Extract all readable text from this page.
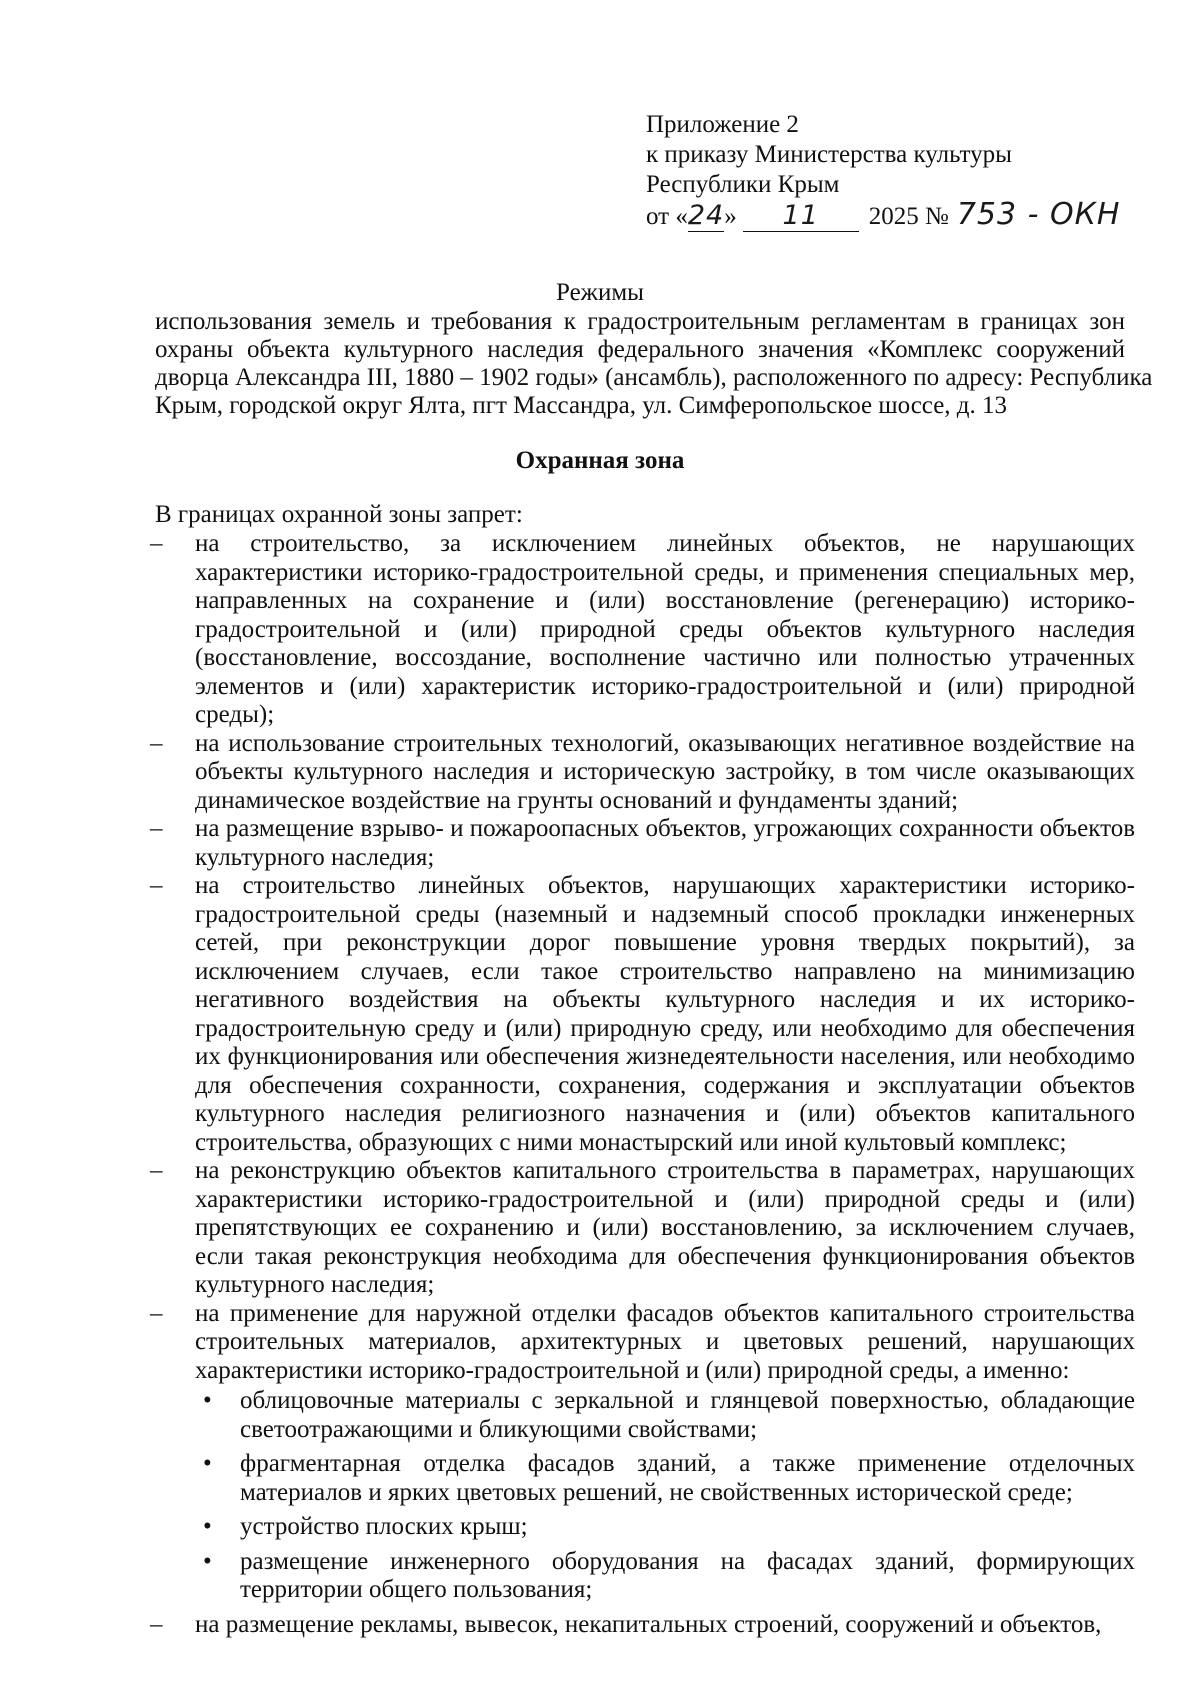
Приложение 2
к приказу Министерства культуры
Республики Крым
от «24» 11 2025 № 753 - ОКН
Режимы
использования земель и требования к градостроительным регламентам в границах зон
охраны объекта культурного наследия федерального значения «Комплекс сооружений
дворца Александра III, 1880 – 1902 годы» (ансамбль), расположенного по адресу: Республика
Крым, городской округ Ялта, пгт Массандра, ул. Симферопольское шоссе, д. 13
Охранная зона
В границах охранной зоны запрет:
–	на строительство, за исключением линейных объектов, не нарушающих характеристики историко-градостроительной среды, и применения специальных мер, направленных на сохранение и (или) восстановление (регенерацию) историко-градостроительной и (или) природной среды объектов культурного наследия (восстановление, воссоздание, восполнение частично или полностью утраченных элементов и (или) характеристик историко-градостроительной и (или) природной среды);
–	на использование строительных технологий, оказывающих негативное воздействие на объекты культурного наследия и историческую застройку, в том числе оказывающих динамическое воздействие на грунты оснований и фундаменты зданий;
–	на размещение взрыво- и пожароопасных объектов, угрожающих сохранности объектов культурного наследия;
–	на строительство линейных объектов, нарушающих характеристики историко-градостроительной среды (наземный и надземный способ прокладки инженерных сетей, при реконструкции дорог повышение уровня твердых покрытий), за исключением случаев, если такое строительство направлено на минимизацию негативного воздействия на объекты культурного наследия и их историко-градостроительную среду и (или) природную среду, или необходимо для обеспечения их функционирования или обеспечения жизнедеятельности населения, или необходимо для обеспечения сохранности, сохранения, содержания и эксплуатации объектов культурного наследия религиозного назначения и (или) объектов капитального строительства, образующих с ними монастырский или иной культовый комплекс;
–	на реконструкцию объектов капитального строительства в параметрах, нарушающих характеристики историко-градостроительной и (или) природной среды и (или) препятствующих ее сохранению и (или) восстановлению, за исключением случаев, если такая реконструкция необходима для обеспечения функционирования объектов культурного наследия;
–	на применение для наружной отделки фасадов объектов капитального строительства строительных материалов, архитектурных и цветовых решений, нарушающих характеристики историко-градостроительной и (или) природной среды, а именно:
•	облицовочные материалы с зеркальной и глянцевой поверхностью, обладающие светоотражающими и бликующими свойствами;
•	фрагментарная отделка фасадов зданий, а также применение отделочных материалов и ярких цветовых решений, не свойственных исторической среде;
•	устройство плоских крыш;
•	размещение инженерного оборудования на фасадах зданий, формирующих территории общего пользования;
–	на размещение рекламы, вывесок, некапитальных строений, сооружений и объектов,
